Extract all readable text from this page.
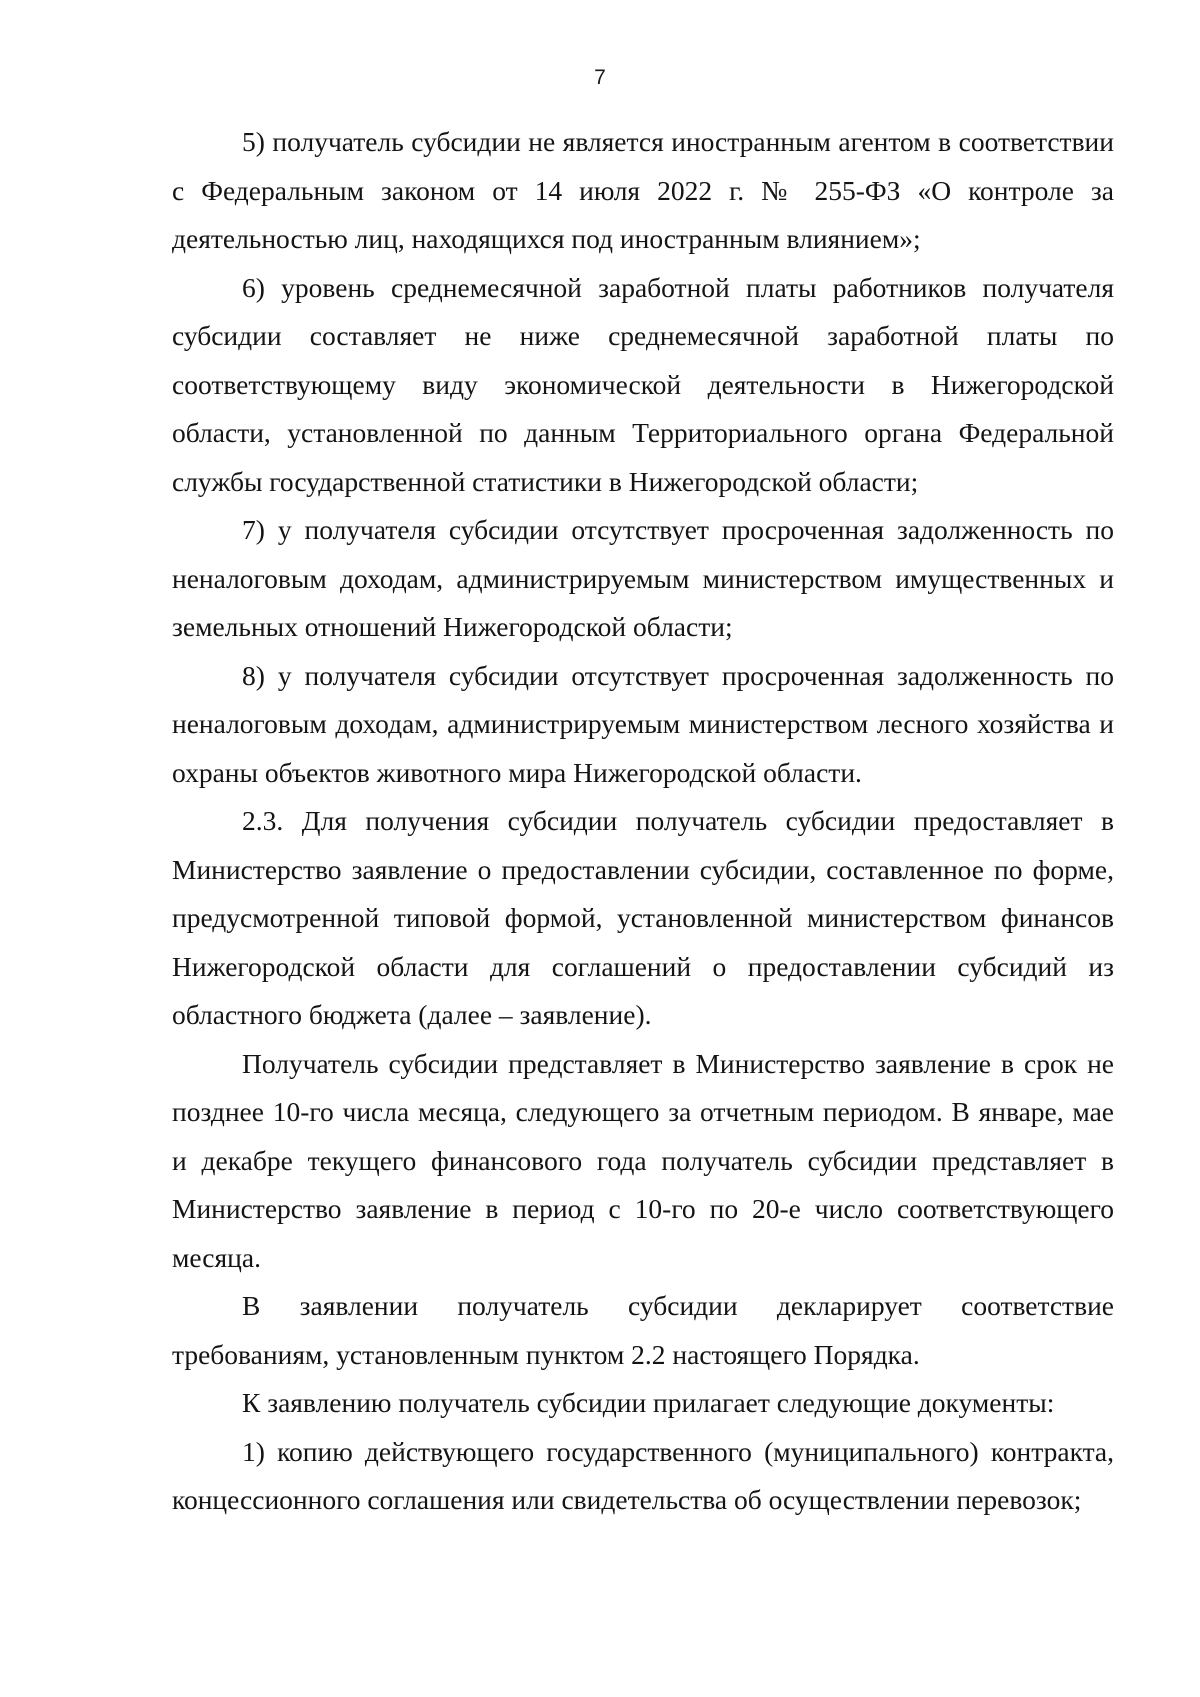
7

5) получатель субсидии не является иностранным агентом в соответствии с Федеральным законом от 14 июля 2022 г. № 255-ФЗ «О контроле за деятельностью лиц, находящихся под иностранным влиянием»;

6) уровень среднемесячной заработной платы работников получателя субсидии составляет не ниже среднемесячной заработной платы по соответствующему виду экономической деятельности в Нижегородской области, установленной по данным Территориального органа Федеральной службы государственной статистики в Нижегородской области;

7) у получателя субсидии отсутствует просроченная задолженность по неналоговым доходам, администрируемым министерством имущественных и земельных отношений Нижегородской области;

8) у получателя субсидии отсутствует просроченная задолженность по неналоговым доходам, администрируемым министерством лесного хозяйства и охраны объектов животного мира Нижегородской области.

2.3. Для получения субсидии получатель субсидии предоставляет в Министерство заявление о предоставлении субсидии, составленное по форме, предусмотренной типовой формой, установленной министерством финансов Нижегородской области для соглашений о предоставлении субсидий из областного бюджета (далее – заявление).

Получатель субсидии представляет в Министерство заявление в срок не позднее 10-го числа месяца, следующего за отчетным периодом. В январе, мае и декабре текущего финансового года получатель субсидии представляет в Министерство заявление в период с 10-го по 20-е число соответствующего месяца.

В заявлении получатель субсидии декларирует соответствие требованиям, установленным пунктом 2.2 настоящего Порядка.

К заявлению получатель субсидии прилагает следующие документы:

1) копию действующего государственного (муниципального) контракта, концессионного соглашения или свидетельства об осуществлении перевозок;
